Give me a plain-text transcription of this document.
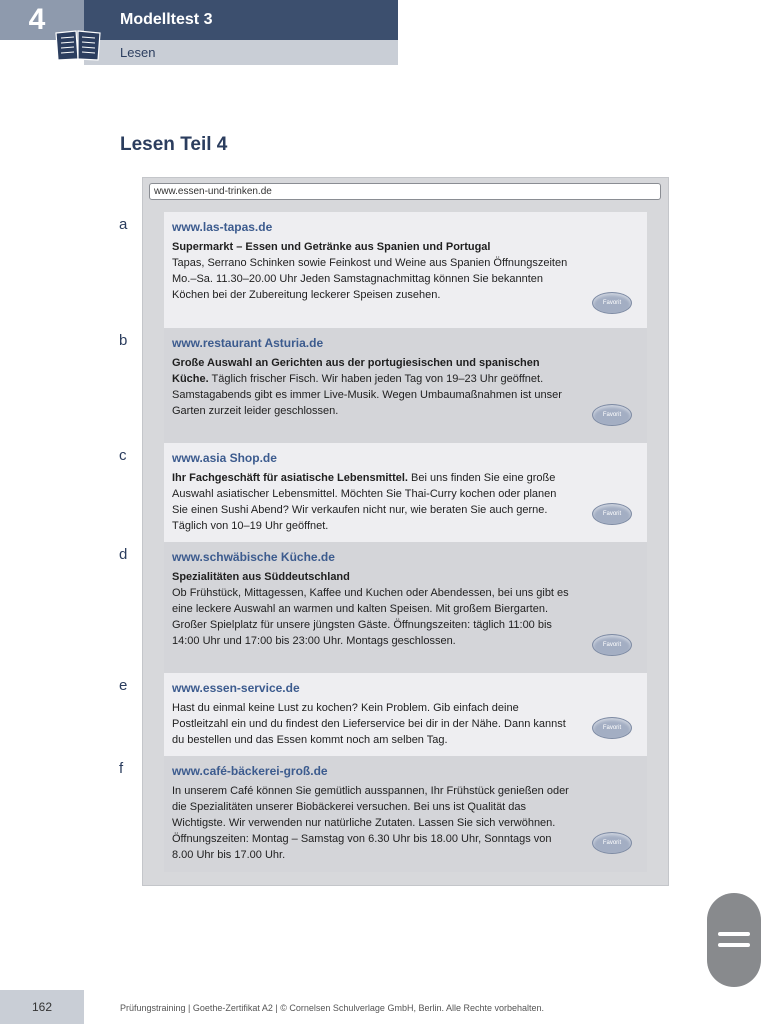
4	Modelltest 3
Lesen
Lesen Teil 4
www.essen-und-trinken.de
a	www.las-tapas.de
Supermarkt – Essen und Getränke aus Spanien und Portugal
Tapas, Serrano Schinken sowie Feinkost und Weine aus Spanien Öffnungszeiten Mo.–Sa. 11.30–20.00 Uhr Jeden Samstagnachmittag können Sie bekannten Köchen bei der Zubereitung leckerer Speisen zusehen.
Favorit
b	www.restaurant Asturia.de
Große Auswahl an Gerichten aus der portugiesischen und spanischen Küche. Täglich frischer Fisch. Wir haben jeden Tag von 19–23 Uhr geöffnet. Samstagabends gibt es immer Live-Musik. Wegen Umbaumaßnahmen ist unser Garten zurzeit leider geschlossen.	Favorit
c	www.asia Shop.de
Ihr Fachgeschäft für asiatische Lebensmittel. Bei uns finden Sie eine große Auswahl asiatischer Lebensmittel. Möchten Sie Thai-Curry kochen oder planen Sie einen Sushi Abend? Wir verkaufen nicht nur, wie beraten Sie auch gerne. Täglich von 10–19 Uhr geöffnet.
Favorit
d	www.schwäbische Küche.de
Spezialitäten aus Süddeutschland
Ob Frühstück, Mittagessen, Kaffee und Kuchen oder Abendessen, bei uns gibt es eine leckere Auswahl an warmen und kalten Speisen. Mit großem Biergarten. Großer Spielplatz für unsere jüngsten Gäste. Öffnungszeiten: täglich 11:00 bis 14:00 Uhr und 17:00 bis 23:00 Uhr. Montags geschlossen.	Favorit
e	www.essen-service.de
Hast du einmal keine Lust zu kochen? Kein Problem. Gib einfach deine Postleitzahl ein und du findest den Lieferservice bei dir in der Nähe. Dann kannst du bestellen und das Essen kommt noch am selben Tag.
Favorit
f	www.café-bäckerei-groß.de
In unserem Café können Sie gemütlich ausspannen, Ihr Frühstück genießen oder die Spezialitäten unserer Biobäckerei versuchen. Bei uns ist Qualität das Wichtigste. Wir verwenden nur natürliche Zutaten. Lassen Sie sich verwöhnen. Öffnungszeiten: Montag – Samstag von 6.30 Uhr bis 18.00 Uhr, Sonntags von 8.00 Uhr bis 17.00 Uhr.
Favorit
162	Prüfungstraining | Goethe-Zertifikat A2 | © Cornelsen Schulverlage GmbH, Berlin. Alle Rechte vorbehalten.
